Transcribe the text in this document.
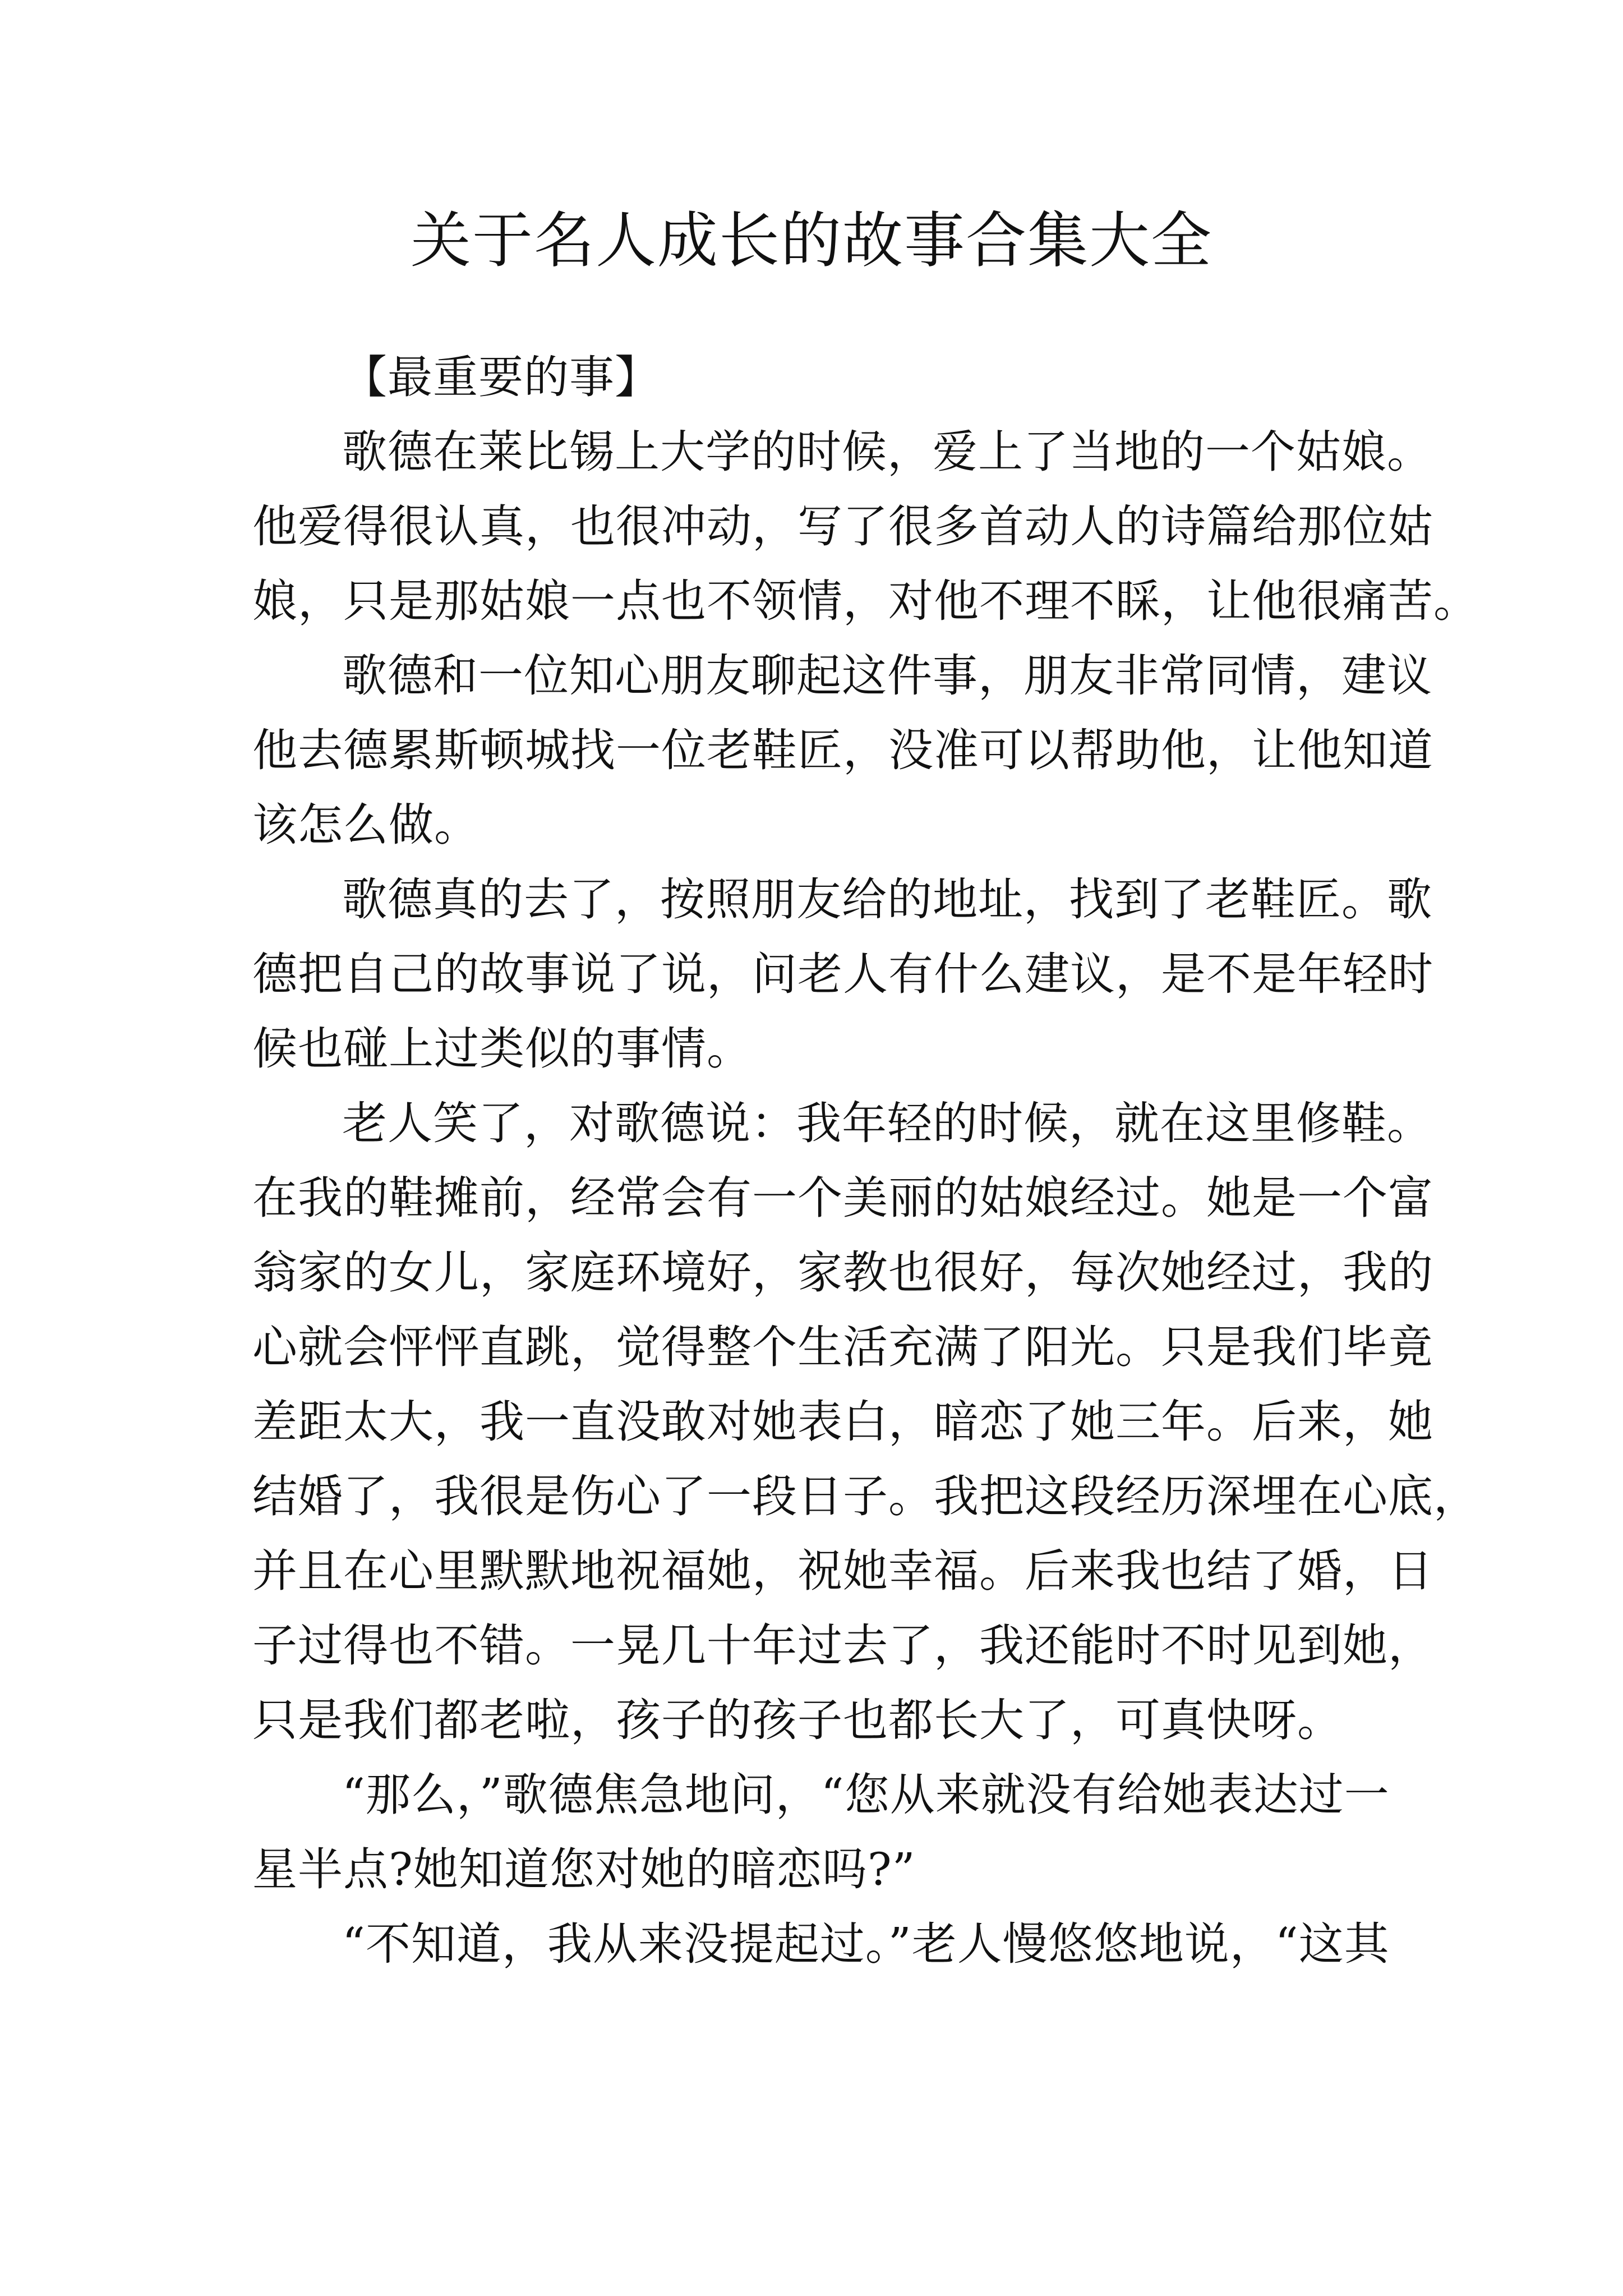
关于名人成长的故事合集大全

【最重要的事】

歌德在莱比锡上大学的时候，爱上了当地的一个姑娘。
他爱得很认真，也很冲动，写了很多首动人的诗篇给那位姑
娘，只是那姑娘一点也不领情，对他不理不睬，让他很痛苦。

歌德和一位知心朋友聊起这件事，朋友非常同情，建议
他去德累斯顿城找一位老鞋匠，没准可以帮助他，让他知道
该怎么做。

歌德真的去了，按照朋友给的地址，找到了老鞋匠。歌
德把自己的故事说了说，问老人有什么建议，是不是年轻时
候也碰上过类似的事情。

老人笑了，对歌德说：我年轻的时候，就在这里修鞋。
在我的鞋摊前，经常会有一个美丽的姑娘经过。她是一个富
翁家的女儿，家庭环境好，家教也很好，每次她经过，我的
心就会怦怦直跳，觉得整个生活充满了阳光。只是我们毕竟
差距太大，我一直没敢对她表白，暗恋了她三年。后来，她
结婚了，我很是伤心了一段日子。我把这段经历深埋在心底，
并且在心里默默地祝福她，祝她幸福。后来我也结了婚，日
子过得也不错。一晃几十年过去了，我还能时不时见到她，
只是我们都老啦，孩子的孩子也都长大了，可真快呀。

“那么，”歌德焦急地问，“您从来就没有给她表达过一
星半点?她知道您对她的暗恋吗?”

“不知道，我从来没提起过。”老人慢悠悠地说，“这其
